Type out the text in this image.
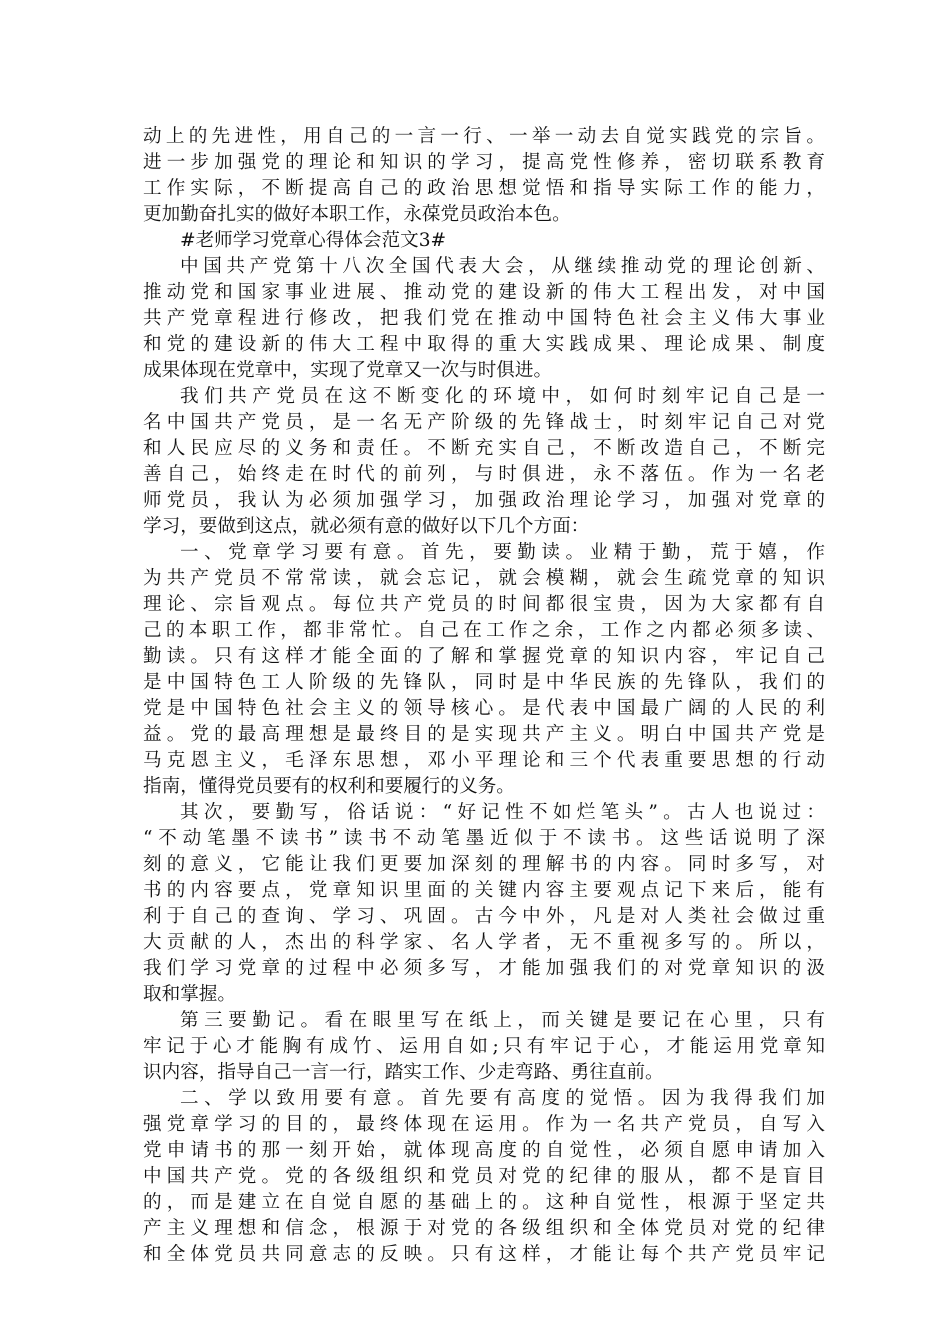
动上的先进性，用自己的一言一行、一举一动去自觉实践党的宗旨。
进一步加强党的理论和知识的学习，提高党性修养，密切联系教育
工作实际，不断提高自己的政治思想觉悟和指导实际工作的能力，
更加勤奋扎实的做好本职工作，永葆党员政治本色。
#老师学习党章心得体会范文3#
中国共产党第十八次全国代表大会，从继续推动党的理论创新、
推动党和国家事业进展、推动党的建设新的伟大工程出发，对中国
共产党章程进行修改，把我们党在推动中国特色社会主义伟大事业
和党的建设新的伟大工程中取得的重大实践成果、理论成果、制度
成果体现在党章中，实现了党章又一次与时俱进。
我们共产党员在这不断变化的环境中，如何时刻牢记自己是一
名中国共产党员，是一名无产阶级的先锋战士，时刻牢记自己对党
和人民应尽的义务和责任。不断充实自己，不断改造自己，不断完
善自己，始终走在时代的前列，与时俱进，永不落伍。作为一名老
师党员，我认为必须加强学习，加强政治理论学习，加强对党章的
学习，要做到这点，就必须有意的做好以下几个方面：
一、党章学习要有意。首先，要勤读。业精于勤，荒于嬉，作
为共产党员不常常读，就会忘记，就会模糊，就会生疏党章的知识
理论、宗旨观点。每位共产党员的时间都很宝贵，因为大家都有自
己的本职工作，都非常忙。自己在工作之余，工作之内都必须多读、
勤读。只有这样才能全面的了解和掌握党章的知识内容，牢记自己
是中国特色工人阶级的先锋队，同时是中华民族的先锋队，我们的
党是中国特色社会主义的领导核心。是代表中国最广阔的人民的利
益。党的最高理想是最终目的是实现共产主义。明白中国共产党是
马克恩主义，毛泽东思想，邓小平理论和三个代表重要思想的行动
指南，懂得党员要有的权利和要履行的义务。
其次，要勤写，俗话说：“好记性不如烂笔头”。古人也说过：
“不动笔墨不读书”读书不动笔墨近似于不读书。这些话说明了深
刻的意义，它能让我们更要加深刻的理解书的内容。同时多写，对
书的内容要点，党章知识里面的关键内容主要观点记下来后，能有
利于自己的查询、学习、巩固。古今中外，凡是对人类社会做过重
大贡献的人，杰出的科学家、名人学者，无不重视多写的。所以，
我们学习党章的过程中必须多写，才能加强我们的对党章知识的汲
取和掌握。
第三要勤记。看在眼里写在纸上，而关键是要记在心里，只有
牢记于心才能胸有成竹、运用自如;只有牢记于心，才能运用党章知
识内容，指导自己一言一行，踏实工作、少走弯路、勇往直前。
二、学以致用要有意。首先要有高度的觉悟。因为我得我们加
强党章学习的目的，最终体现在运用。作为一名共产党员，自写入
党申请书的那一刻开始，就体现高度的自觉性，必须自愿申请加入
中国共产党。党的各级组织和党员对党的纪律的服从，都不是盲目
的，而是建立在自觉自愿的基础上的。这种自觉性，根源于坚定共
产主义理想和信念，根源于对党的各级组织和全体党员对党的纪律
和全体党员共同意志的反映。只有这样，才能让每个共产党员牢记
